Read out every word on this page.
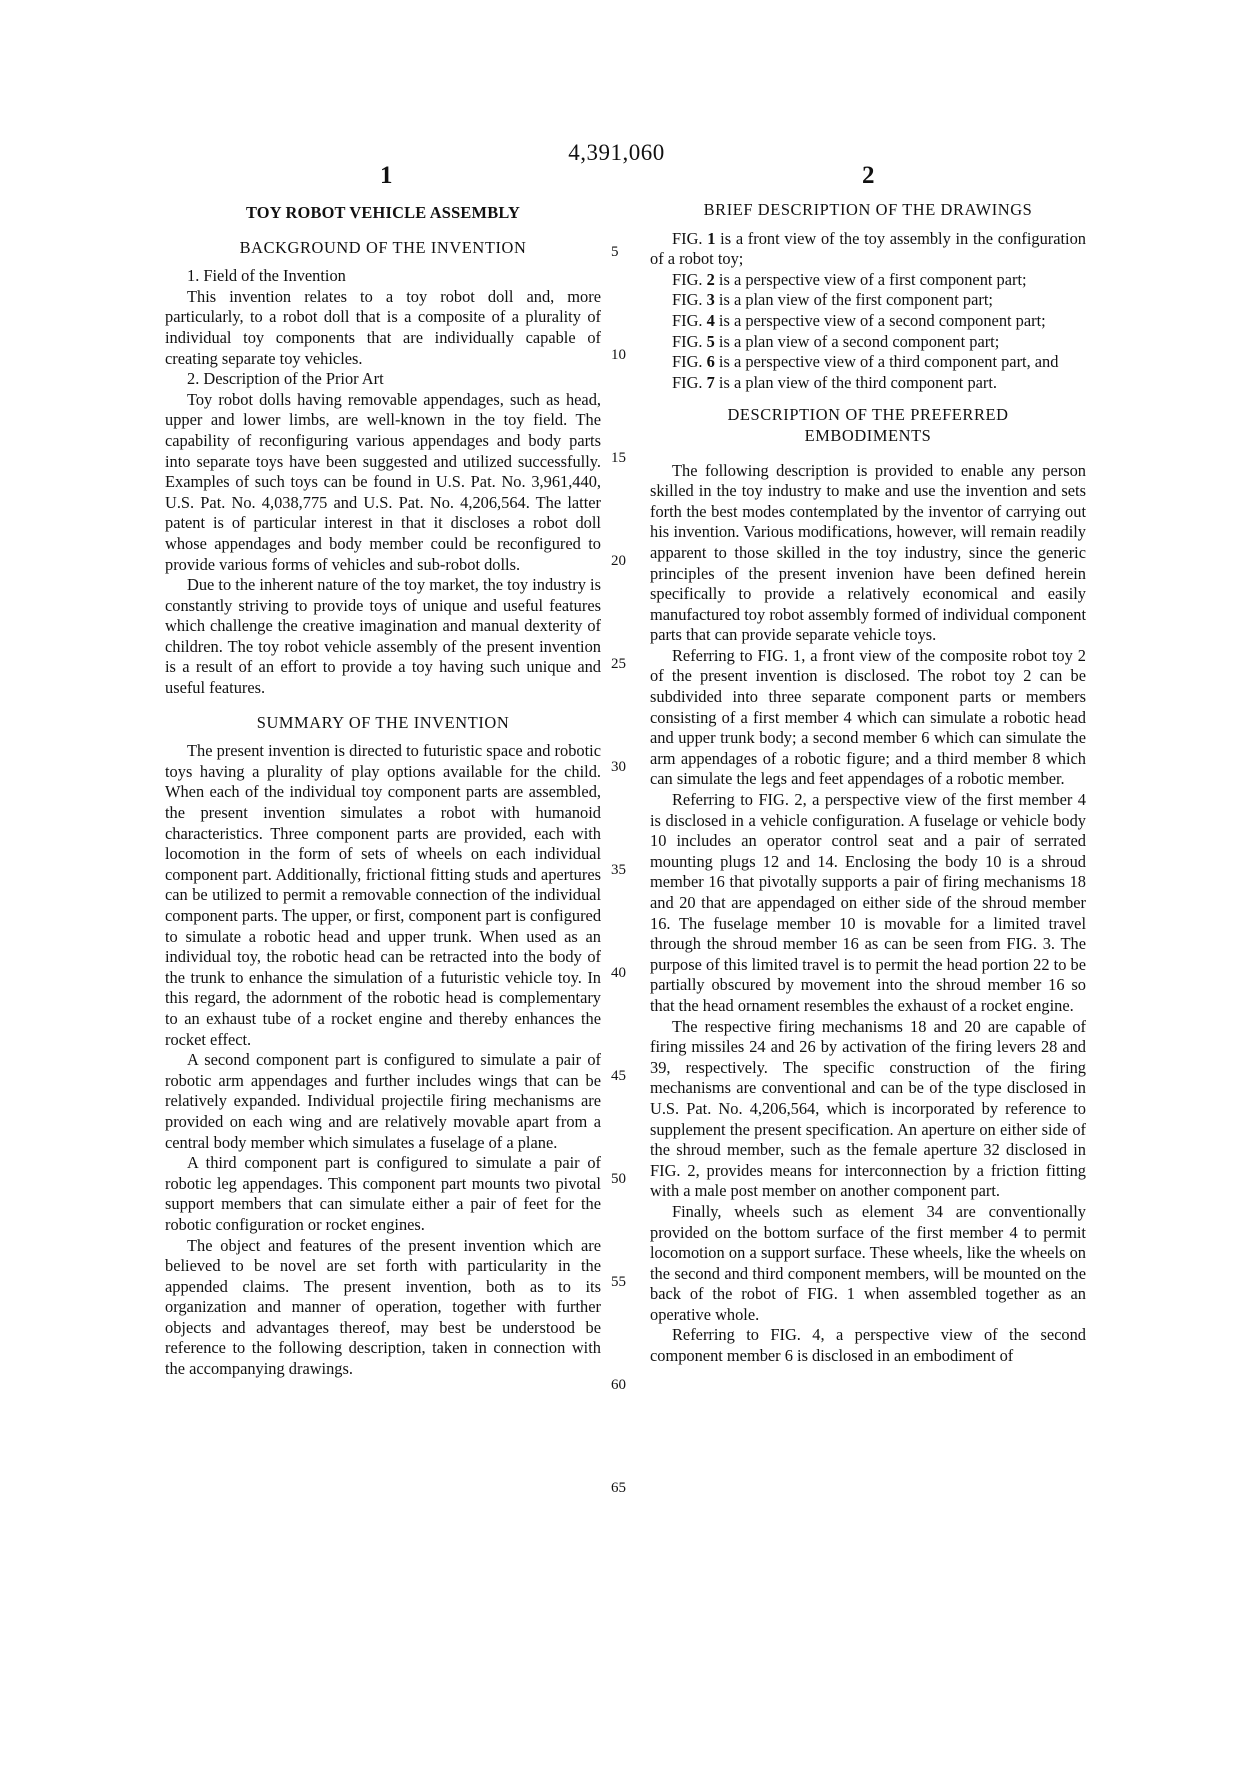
4,391,060
1	2
TOY ROBOT VEHICLE ASSEMBLY
BACKGROUND OF THE INVENTION

1. Field of the Invention

This invention relates to a toy robot doll and, more particularly, to a robot doll that is a composite of a plurality of individual toy components that are individually capable of creating separate toy vehicles.

2. Description of the Prior Art

Toy robot dolls having removable appendages, such as head, upper and lower limbs, are well-known in the toy field. The capability of reconfiguring various appendages and body parts into separate toys have been suggested and utilized successfully. Examples of such toys can be found in U.S. Pat. No. 3,961,440, U.S. Pat. No. 4,038,775 and U.S. Pat. No. 4,206,564. The latter patent is of particular interest in that it discloses a robot doll whose appendages and body member could be reconfigured to provide various forms of vehicles and sub-robot dolls.

Due to the inherent nature of the toy market, the toy industry is constantly striving to provide toys of unique and useful features which challenge the creative imagination and manual dexterity of children. The toy robot vehicle assembly of the present invention is a result of an effort to provide a toy having such unique and useful features.

SUMMARY OF THE INVENTION

The present invention is directed to futuristic space and robotic toys having a plurality of play options available for the child. When each of the individual toy component parts are assembled, the present invention simulates a robot with humanoid characteristics. Three component parts are provided, each with locomotion in the form of sets of wheels on each individual component part. Additionally, frictional fitting studs and apertures can be utilized to permit a removable connection of the individual component parts. The upper, or first, component part is configured to simulate a robotic head and upper trunk. When used as an individual toy, the robotic head can be retracted into the body of the trunk to enhance the simulation of a futuristic vehicle toy. In this regard, the adornment of the robotic head is complementary to an exhaust tube of a rocket engine and thereby enhances the rocket effect.

A second component part is configured to simulate a pair of robotic arm appendages and further includes wings that can be relatively expanded. Individual projectile firing mechanisms are provided on each wing and are relatively movable apart from a central body member which simulates a fuselage of a plane.

A third component part is configured to simulate a pair of robotic leg appendages. This component part mounts two pivotal support members that can simulate either a pair of feet for the robotic configuration or rocket engines.

The object and features of the present invention which are believed to be novel are set forth with particularity in the appended claims. The present invention, both as to its organization and manner of operation, together with further objects and advantages thereof, may best be understood be reference to the following description, taken in connection with the accompanying drawings.

5
10
15
20
25
30
35
40
45
50
55
60
65
BRIEF DESCRIPTION OF THE DRAWINGS

FIG. 1 is a front view of the toy assembly in the configuration of a robot toy;

FIG. 2 is a perspective view of a first component part;

FIG. 3 is a plan view of the first component part;

FIG. 4 is a perspective view of a second component part;

FIG. 5 is a plan view of a second component part;

FIG. 6 is a perspective view of a third component part, and

FIG. 7 is a plan view of the third component part.

DESCRIPTION OF THE PREFERRED
EMBODIMENTS

The following description is provided to enable any person skilled in the toy industry to make and use the invention and sets forth the best modes contemplated by the inventor of carrying out his invention. Various modifications, however, will remain readily apparent to those skilled in the toy industry, since the generic principles of the present invenion have been defined herein specifically to provide a relatively economical and easily manufactured toy robot assembly formed of individual component parts that can provide separate vehicle toys.

Referring to FIG. 1, a front view of the composite robot toy 2 of the present invention is disclosed. The robot toy 2 can be subdivided into three separate component parts or members consisting of a first member 4 which can simulate a robotic head and upper trunk body; a second member 6 which can simulate the arm appendages of a robotic figure; and a third member 8 which can simulate the legs and feet appendages of a robotic member.

Referring to FIG. 2, a perspective view of the first member 4 is disclosed in a vehicle configuration. A fuselage or vehicle body 10 includes an operator control seat and a pair of serrated mounting plugs 12 and 14. Enclosing the body 10 is a shroud member 16 that pivotally supports a pair of firing mechanisms 18 and 20 that are appendaged on either side of the shroud member 16. The fuselage member 10 is movable for a limited travel through the shroud member 16 as can be seen from FIG. 3. The purpose of this limited travel is to permit the head portion 22 to be partially obscured by movement into the shroud member 16 so that the head ornament resembles the exhaust of a rocket engine.

The respective firing mechanisms 18 and 20 are capable of firing missiles 24 and 26 by activation of the firing levers 28 and 39, respectively. The specific construction of the firing mechanisms are conventional and can be of the type disclosed in U.S. Pat. No. 4,206,564, which is incorporated by reference to supplement the present specification. An aperture on either side of the shroud member, such as the female aperture 32 disclosed in FIG. 2, provides means for interconnection by a friction fitting with a male post member on another component part.

Finally, wheels such as element 34 are conventionally provided on the bottom surface of the first member 4 to permit locomotion on a support surface. These wheels, like the wheels on the second and third component members, will be mounted on the back of the robot of FIG. 1 when assembled together as an operative whole.

Referring to FIG. 4, a perspective view of the second component member 6 is disclosed in an embodiment of
